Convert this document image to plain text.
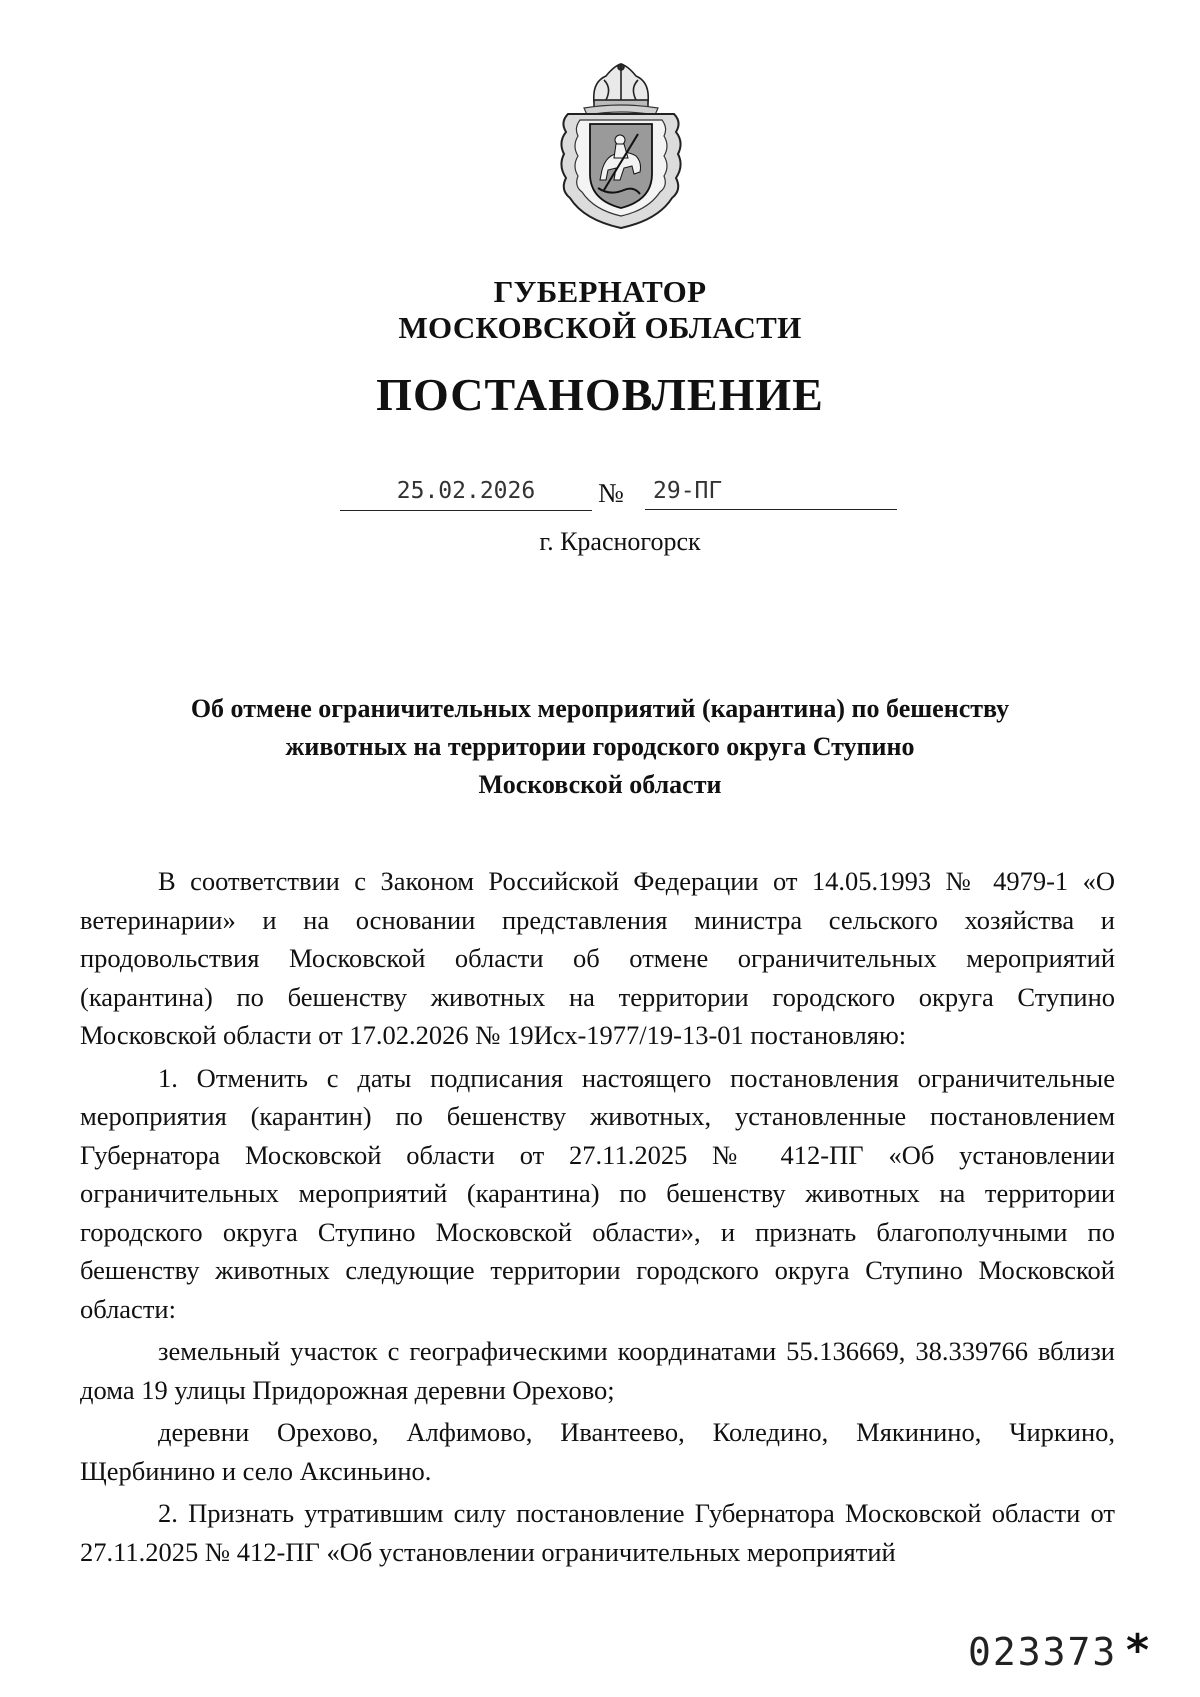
ГУБЕРНАТОР
МОСКОВСКОЙ ОБЛАСТИ
ПОСТАНОВЛЕНИЕ
25.02.2026	№	29-ПГ
г. Красногорск
Об отмене ограничительных мероприятий (карантина) по бешенству
животных на территории городского округа Ступино
Московской области

В соответствии с Законом Российской Федерации от 14.05.1993 № 4979-1 «О ветеринарии» и на основании представления министра сельского хозяйства и продовольствия Московской области об отмене ограничительных мероприятий (карантина) по бешенству животных на территории городского округа Ступино Московской области от 17.02.2026 № 19Исх-1977/19-13-01 постановляю:

1. Отменить с даты подписания настоящего постановления ограничительные мероприятия (карантин) по бешенству животных, установленные постановлением Губернатора Московской области от 27.11.2025 № 412-ПГ «Об установлении ограничительных мероприятий (карантина) по бешенству животных на территории городского округа Ступино Московской области», и признать благополучными по бешенству животных следующие территории городского округа Ступино Московской области:

земельный участок с географическими координатами 55.136669, 38.339766 вблизи дома 19 улицы Придорожная деревни Орехово;

деревни Орехово, Алфимово, Ивантеево, Коледино, Мякинино, Чиркино, Щербинино и село Аксиньино.

2. Признать утратившим силу постановление Губернатора Московской области от 27.11.2025 № 412-ПГ «Об установлении ограничительных мероприятий

023373 *
